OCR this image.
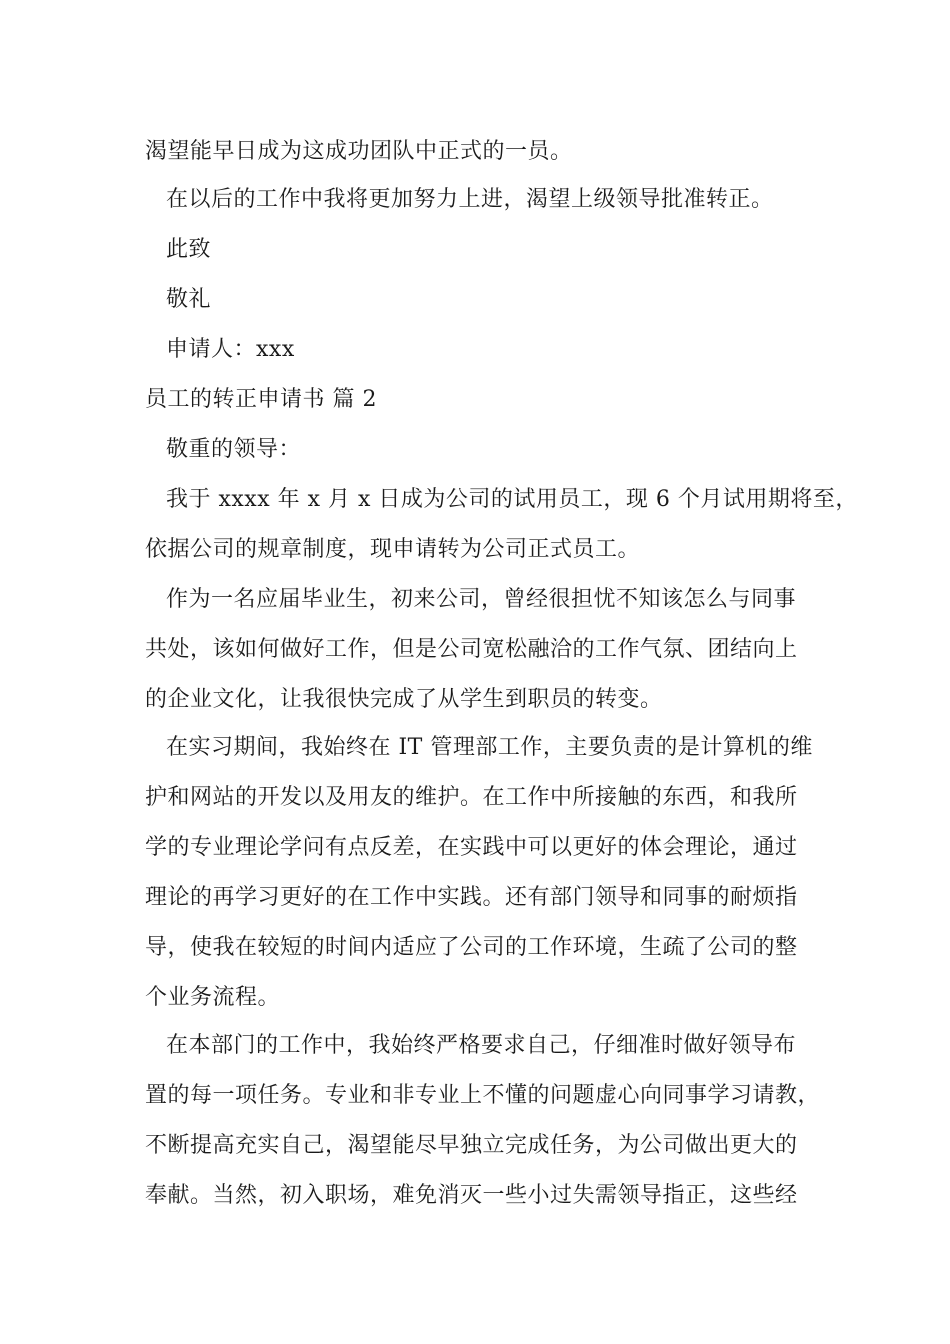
渴望能早日成为这成功团队中正式的一员。
在以后的工作中我将更加努力上进，渴望上级领导批准转正。
此致
敬礼
申请人：xxx
员工的转正申请书 篇 2
敬重的领导：
我于 xxxx 年 x 月 x 日成为公司的试用员工，现 6 个月试用期将至，
依据公司的规章制度，现申请转为公司正式员工。
作为一名应届毕业生，初来公司，曾经很担忧不知该怎么与同事
共处，该如何做好工作，但是公司宽松融洽的工作气氛、团结向上
的企业文化，让我很快完成了从学生到职员的转变。
在实习期间，我始终在 IT 管理部工作，主要负责的是计算机的维
护和网站的开发以及用友的维护。在工作中所接触的东西，和我所
学的专业理论学问有点反差，在实践中可以更好的体会理论，通过
理论的再学习更好的在工作中实践。还有部门领导和同事的耐烦指
导，使我在较短的时间内适应了公司的工作环境，生疏了公司的整
个业务流程。
在本部门的工作中，我始终严格要求自己，仔细准时做好领导布
置的每一项任务。专业和非专业上不懂的问题虚心向同事学习请教，
不断提高充实自己，渴望能尽早独立完成任务，为公司做出更大的
奉献。当然，初入职场，难免消灭一些小过失需领导指正，这些经
